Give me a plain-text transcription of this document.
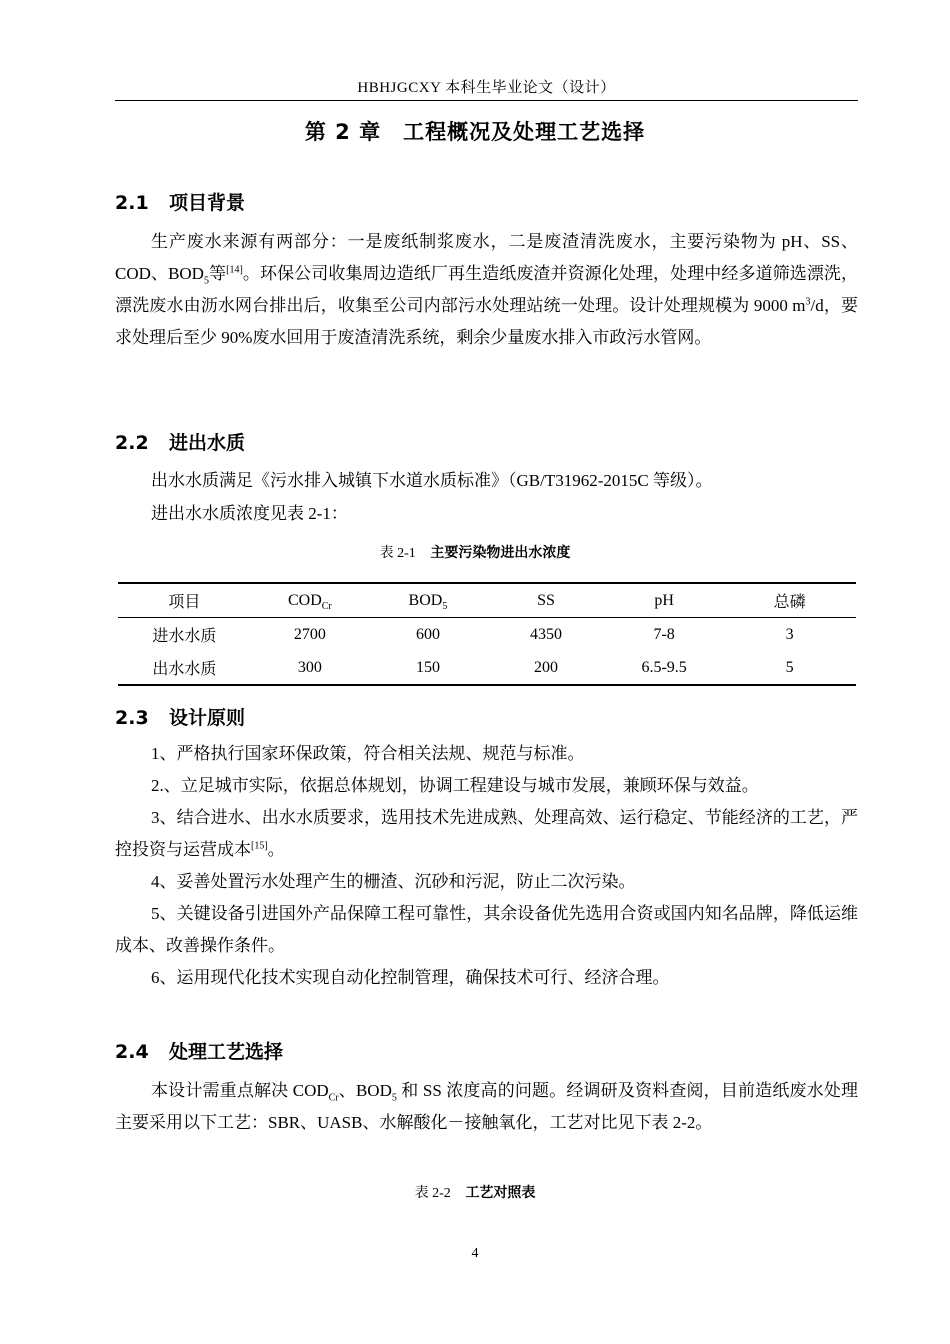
HBHJGCXY 本科生毕业论文（设计）
第 2 章　工程概况及处理工艺选择
2.1 项目背景
生产废水来源有两部分：一是废纸制浆废水，二是废渣清洗废水，主要污染物为 pH、SS、COD、$BOD_5$等[14]。环保公司收集周边造纸厂再生造纸废渣并资源化处理，处理中经多道筛选漂洗，漂洗废水由沥水网台排出后，收集至公司内部污水处理站统一处理。设计处理规模为 9000 $m^3/d$，要求处理后至少 90%废水回用于废渣清洗系统，剩余少量废水排入市政污水管网。
2.2 进出水质
出水水质满足《污水排入城镇下水道水质标准》（GB/T31962-2015C 等级）。
进出水水质浓度见表 2-1：
表 2-1 主要污染物进出水浓度
项目	$COD_{Cr}$	$BOD_5$	SS	pH	总磷
进水水质	2700	600	4350	7-8	3
出水水质	300	150	200	6.5-9.5	5
2.3 设计原则
1、严格执行国家环保政策，符合相关法规、规范与标准。
2.、立足城市实际，依据总体规划，协调工程建设与城市发展，兼顾环保与效益。
3、结合进水、出水水质要求，选用技术先进成熟、处理高效、运行稳定、节能经济的工艺，严控投资与运营成本[15]。
4、妥善处置污水处理产生的栅渣、沉砂和污泥，防止二次污染。
5、关键设备引进国外产品保障工程可靠性，其余设备优先选用合资或国内知名品牌，降低运维成本、改善操作条件。
6、运用现代化技术实现自动化控制管理，确保技术可行、经济合理。
2.4 处理工艺选择
本设计需重点解决 $COD_{Cr}$、$BOD_5$ 和 SS 浓度高的问题。经调研及资料查阅，目前造纸废水处理主要采用以下工艺：SBR、UASB、水解酸化－接触氧化，工艺对比见下表 2-2。
表 2-2 工艺对照表
4
